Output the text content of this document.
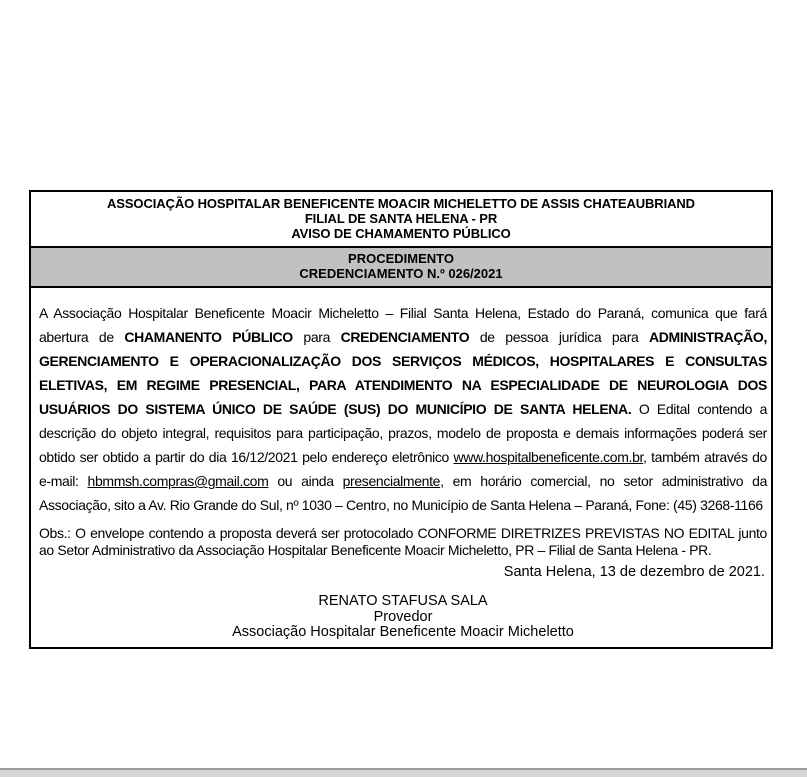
ASSOCIAÇÃO HOSPITALAR BENEFICENTE MOACIR MICHELETTO DE ASSIS CHATEAUBRIAND
FILIAL DE SANTA HELENA - PR
AVISO DE CHAMAMENTO PÚBLICO
PROCEDIMENTO
CREDENCIAMENTO N.º 026/2021

A Associação Hospitalar Beneficente Moacir Micheletto – Filial Santa Helena, Estado do Paraná, comunica que fará abertura de CHAMANENTO PÚBLICO para CREDENCIAMENTO de pessoa jurídica para ADMINISTRAÇÃO, GERENCIAMENTO E OPERACIONALIZAÇÃO DOS SERVIÇOS MÉDICOS, HOSPITALARES E CONSULTAS ELETIVAS, EM REGIME PRESENCIAL, PARA ATENDIMENTO NA ESPECIALIDADE DE NEUROLOGIA DOS USUÁRIOS DO SISTEMA ÚNICO DE SAÚDE (SUS) DO MUNICÍPIO DE SANTA HELENA. O Edital contendo a descrição do objeto integral, requisitos para participação, prazos, modelo de proposta e demais informações poderá ser obtido ser obtido a partir do dia 16/12/2021 pelo endereço eletrônico www.hospitalbeneficente.com.br, também através do e-mail: hbmmsh.compras@gmail.com ou ainda presencialmente, em horário comercial, no setor administrativo da Associação, sito a Av. Rio Grande do Sul, nº 1030 – Centro, no Município de Santa Helena – Paraná, Fone: (45) 3268-1166

Obs.: O envelope contendo a proposta deverá ser protocolado CONFORME DIRETRIZES PREVISTAS NO EDITAL junto ao Setor Administrativo da Associação Hospitalar Beneficente Moacir Micheletto, PR – Filial de Santa Helena - PR.

Santa Helena, 13 de dezembro de 2021.

RENATO STAFUSA SALA
Provedor
Associação Hospitalar Beneficente Moacir Micheletto
